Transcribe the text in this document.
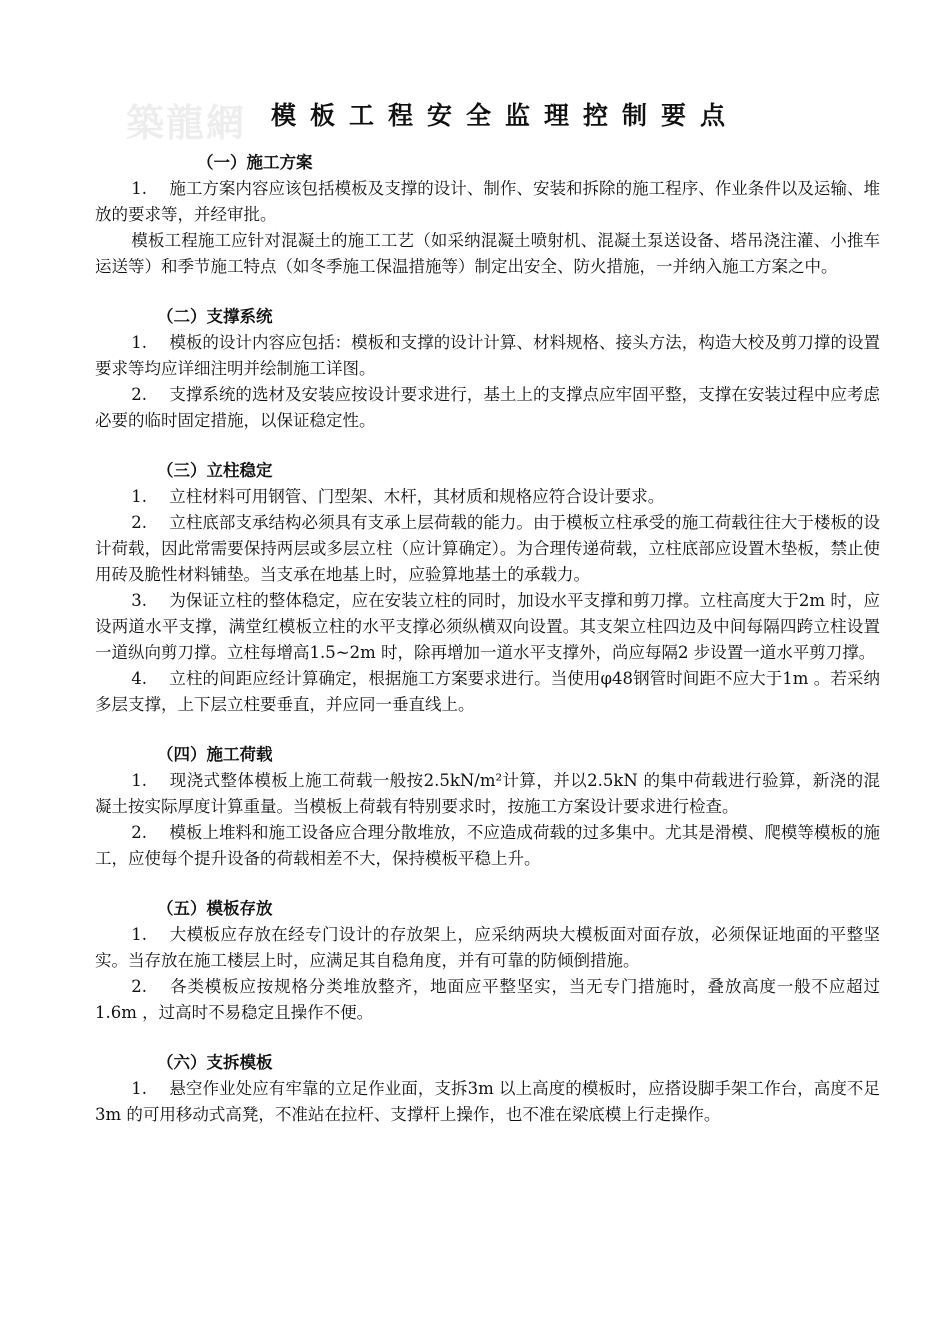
築龍網 模板工程安全监理控制要点

（一）施工方案

1. 施工方案内容应该包括模板及支撑的设计、制作、安装和拆除的施工程序、作业条件以及运输、堆放的要求等，并经审批。

模板工程施工应针对混凝土的施工工艺（如采纳混凝土喷射机、混凝土泵送设备、塔吊浇注灌、小推车运送等）和季节施工特点（如冬季施工保温措施等）制定出安全、防火措施，一并纳入施工方案之中。

（二）支撑系统

1. 模板的设计内容应包括：模板和支撑的设计计算、材料规格、接头方法，构造大校及剪刀撑的设置要求等均应详细注明并绘制施工详图。

2. 支撑系统的选材及安装应按设计要求进行，基土上的支撑点应牢固平整，支撑在安装过程中应考虑必要的临时固定措施，以保证稳定性。

（三）立柱稳定

1. 立柱材料可用钢管、门型架、木杆，其材质和规格应符合设计要求。

2. 立柱底部支承结构必须具有支承上层荷载的能力。由于模板立柱承受的施工荷载往往大于楼板的设计荷载，因此常需要保持两层或多层立柱（应计算确定）。为合理传递荷载，立柱底部应设置木垫板，禁止使用砖及脆性材料铺垫。当支承在地基上时，应验算地基土的承载力。

3. 为保证立柱的整体稳定，应在安装立柱的同时，加设水平支撑和剪刀撑。立柱高度大于2m 时，应设两道水平支撑，满堂红模板立柱的水平支撑必须纵横双向设置。其支架立柱四边及中间每隔四跨立柱设置一道纵向剪刀撑。立柱每增高1.5~2m 时，除再增加一道水平支撑外，尚应每隔2 步设置一道水平剪刀撑。

4. 立柱的间距应经计算确定，根据施工方案要求进行。当使用φ48钢管时间距不应大于1m 。若采纳多层支撑，上下层立柱要垂直，并应同一垂直线上。

（四）施工荷载

1. 现浇式整体模板上施工荷载一般按2.5kN/m²计算，并以2.5kN 的集中荷载进行验算，新浇的混凝土按实际厚度计算重量。当模板上荷载有特别要求时，按施工方案设计要求进行检查。

2. 模板上堆料和施工设备应合理分散堆放，不应造成荷载的过多集中。尤其是滑模、爬模等模板的施工，应使每个提升设备的荷载相差不大，保持模板平稳上升。

（五）模板存放

1. 大模板应存放在经专门设计的存放架上，应采纳两块大模板面对面存放，必须保证地面的平整坚实。当存放在施工楼层上时，应满足其自稳角度，并有可靠的防倾倒措施。

2. 各类模板应按规格分类堆放整齐，地面应平整坚实，当无专门措施时，叠放高度一般不应超过1.6m ，过高时不易稳定且操作不便。

（六）支拆模板

1. 悬空作业处应有牢靠的立足作业面，支拆3m 以上高度的模板时，应搭设脚手架工作台，高度不足3m 的可用移动式高凳，不准站在拉杆、支撑杆上操作，也不准在梁底模上行走操作。
